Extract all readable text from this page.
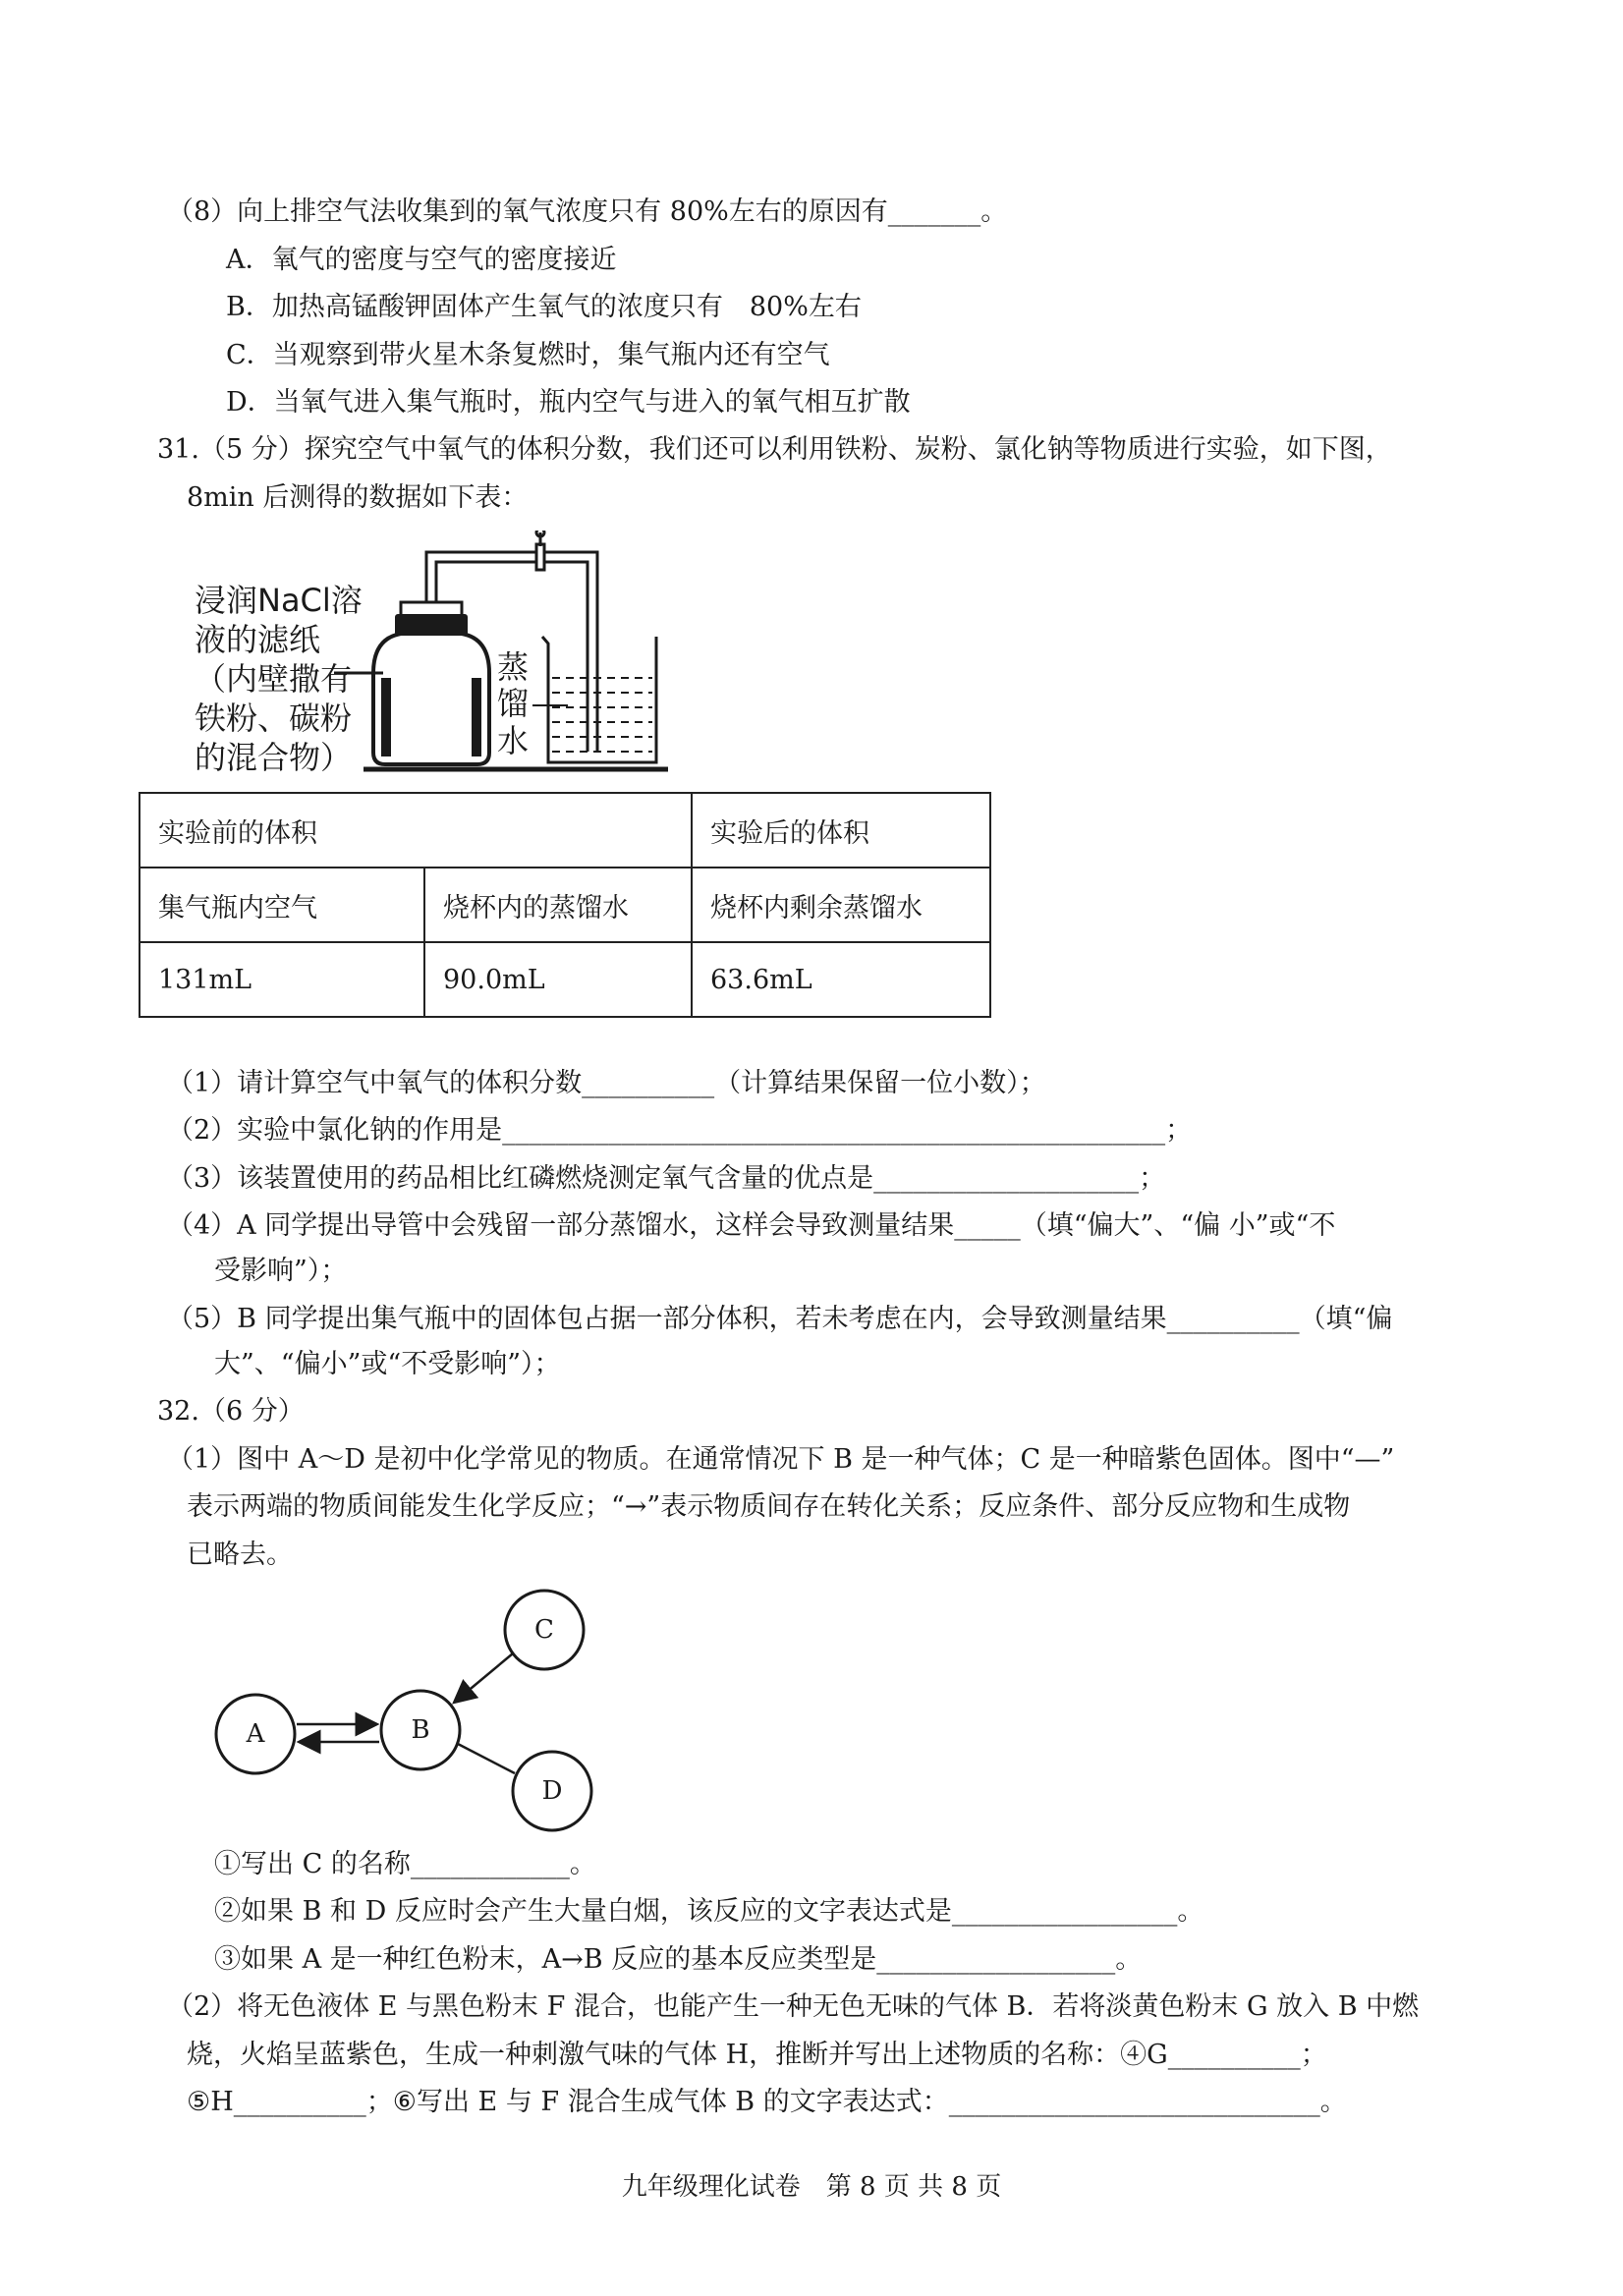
（8）向上排空气法收集到的氧气浓度只有 80%左右的原因有_______。
A．氧气的密度与空气的密度接近
B．加热高锰酸钾固体产生氧气的浓度只有　80%左右
C．当观察到带火星木条复燃时，集气瓶内还有空气
D．当氧气进入集气瓶时，瓶内空气与进入的氧气相互扩散
31.（5 分）探究空气中氧气的体积分数，我们还可以利用铁粉、炭粉、氯化钠等物质进行实验，如下图，
8min 后测得的数据如下表：
浸润NaCl溶
液的滤纸
（内壁撒有
铁粉、碳粉
的混合物）
蒸
馏
水
实验前的体积		实验后的体积
集气瓶内空气	烧杯内的蒸馏水	烧杯内剩余蒸馏水
131mL	90.0mL	63.6mL
（1）请计算空气中氧气的体积分数__________（计算结果保留一位小数）；
（2）实验中氯化钠的作用是__________________________________________________；
（3）该装置使用的药品相比红磷燃烧测定氧气含量的优点是____________________；
（4）A 同学提出导管中会残留一部分蒸馏水，这样会导致测量结果_____（填“偏大”、“偏 小”或“不
受影响”）；
（5）B 同学提出集气瓶中的固体包占据一部分体积，若未考虑在内，会导致测量结果__________（填“偏
大”、“偏小”或“不受影响”）；
32.（6 分）
（1）图中 A～D 是初中化学常见的物质。在通常情况下 B 是一种气体；C 是一种暗紫色固体。图中“—”
表示两端的物质间能发生化学反应；“→”表示物质间存在转化关系；反应条件、部分反应物和生成物
已略去。
A	B
C
D
①写出 C 的名称____________。
②如果 B 和 D 反应时会产生大量白烟，该反应的文字表达式是_________________。
③如果 A 是一种红色粉末，A→B 反应的基本反应类型是__________________。
（2）将无色液体 E 与黑色粉末 F 混合，也能产生一种无色无味的气体 B．若将淡黄色粉末 G 放入 B 中燃
烧，火焰呈蓝紫色，生成一种刺激气味的气体 H，推断并写出上述物质的名称：④G__________；
⑤H__________；⑥写出 E 与 F 混合生成气体 B 的文字表达式：____________________________。
九年级理化试卷　第 8 页 共 8 页
